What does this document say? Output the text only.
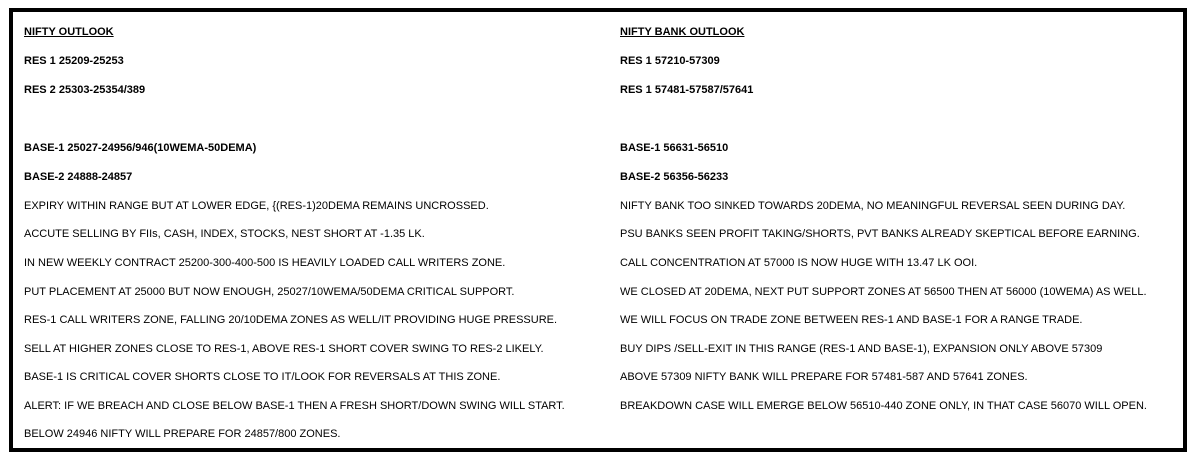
NIFTY OUTLOOK
RES 1 25209-25253
RES 2 25303-25354/389
BASE-1 25027-24956/946(10WEMA-50DEMA)
BASE-2 24888-24857
EXPIRY WITHIN RANGE BUT AT LOWER EDGE, {(RES-1)20DEMA REMAINS UNCROSSED.
ACCUTE SELLING BY FIIs, CASH, INDEX, STOCKS, NEST SHORT AT -1.35 LK.
IN NEW WEEKLY CONTRACT 25200-300-400-500 IS HEAVILY LOADED CALL WRITERS ZONE.
PUT PLACEMENT AT 25000 BUT NOW ENOUGH, 25027/10WEMA/50DEMA CRITICAL SUPPORT.
RES-1 CALL WRITERS ZONE, FALLING 20/10DEMA ZONES AS WELL/IT PROVIDING HUGE PRESSURE.
SELL AT HIGHER ZONES CLOSE TO RES-1, ABOVE RES-1 SHORT COVER SWING TO RES-2 LIKELY.
BASE-1 IS CRITICAL COVER SHORTS CLOSE TO IT/LOOK FOR REVERSALS AT THIS ZONE.
ALERT: IF WE BREACH AND CLOSE BELOW BASE-1 THEN A FRESH SHORT/DOWN SWING WILL START.
BELOW 24946 NIFTY WILL PREPARE FOR 24857/800 ZONES.
NIFTY BANK OUTLOOK
RES 1 57210-57309
RES 1 57481-57587/57641
BASE-1 56631-56510
BASE-2 56356-56233
NIFTY BANK TOO SINKED TOWARDS 20DEMA, NO MEANINGFUL REVERSAL SEEN DURING DAY.
PSU BANKS SEEN PROFIT TAKING/SHORTS, PVT BANKS ALREADY SKEPTICAL BEFORE EARNING.
CALL CONCENTRATION AT 57000 IS NOW HUGE WITH 13.47 LK OOI.
WE CLOSED AT 20DEMA, NEXT PUT SUPPORT ZONES AT 56500 THEN AT 56000 (10WEMA) AS WELL.
WE WILL FOCUS ON TRADE ZONE BETWEEN RES-1 AND BASE-1 FOR A RANGE TRADE.
BUY DIPS /SELL-EXIT IN THIS RANGE (RES-1 AND BASE-1), EXPANSION ONLY ABOVE 57309
ABOVE 57309 NIFTY BANK WILL PREPARE FOR 57481-587 AND 57641 ZONES.
BREAKDOWN CASE WILL EMERGE BELOW 56510-440 ZONE ONLY, IN THAT CASE 56070 WILL OPEN.
